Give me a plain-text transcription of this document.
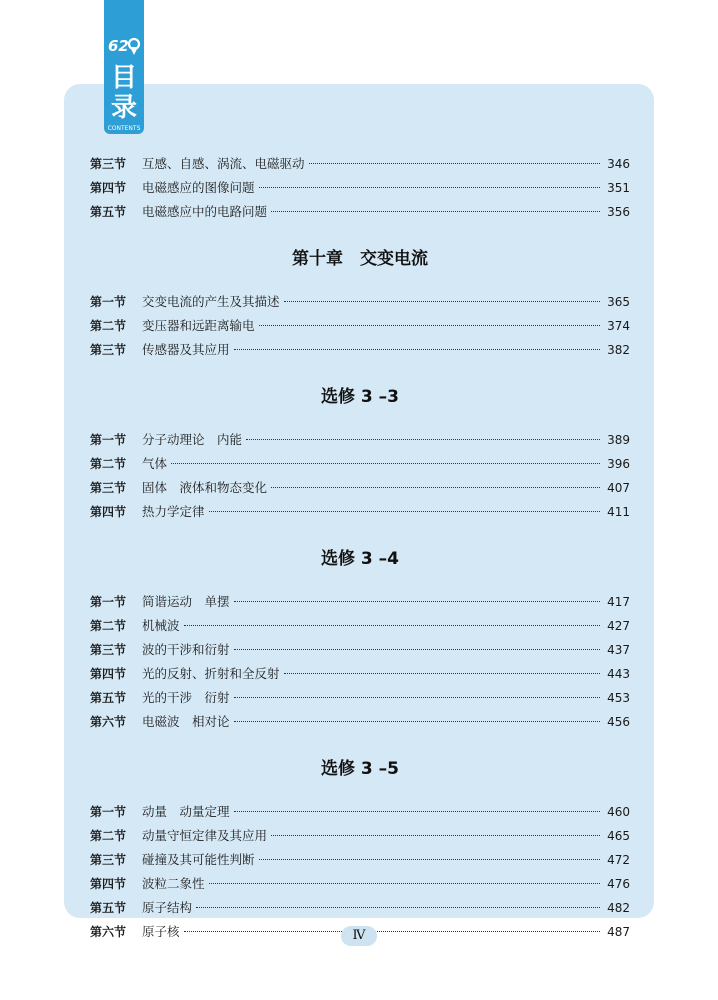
62
目
录
CONTENTS
第三节	互感、自感、涡流、电磁驱动	346
第四节	电磁感应的图像问题	351
第五节	电磁感应中的电路问题	356
第十章　交变电流
第一节	交变电流的产生及其描述	365
第二节	变压器和远距离输电	374
第三节	传感器及其应用	382
选修 3 –3
第一节	分子动理论　内能	389
第二节	气体	396
第三节	固体　液体和物态变化	407
第四节	热力学定律	411
选修 3 –4
第一节	简谐运动　单摆	417
第二节	机械波	427
第三节	波的干涉和衍射	437
第四节	光的反射、折射和全反射	443
第五节	光的干涉　衍射	453
第六节	电磁波　相对论	456
选修 3 –5
第一节	动量　动量定理	460
第二节	动量守恒定律及其应用	465
第三节	碰撞及其可能性判断	472
第四节	波粒二象性	476
第五节	原子结构	482
第六节	原子核	487
Ⅳ
